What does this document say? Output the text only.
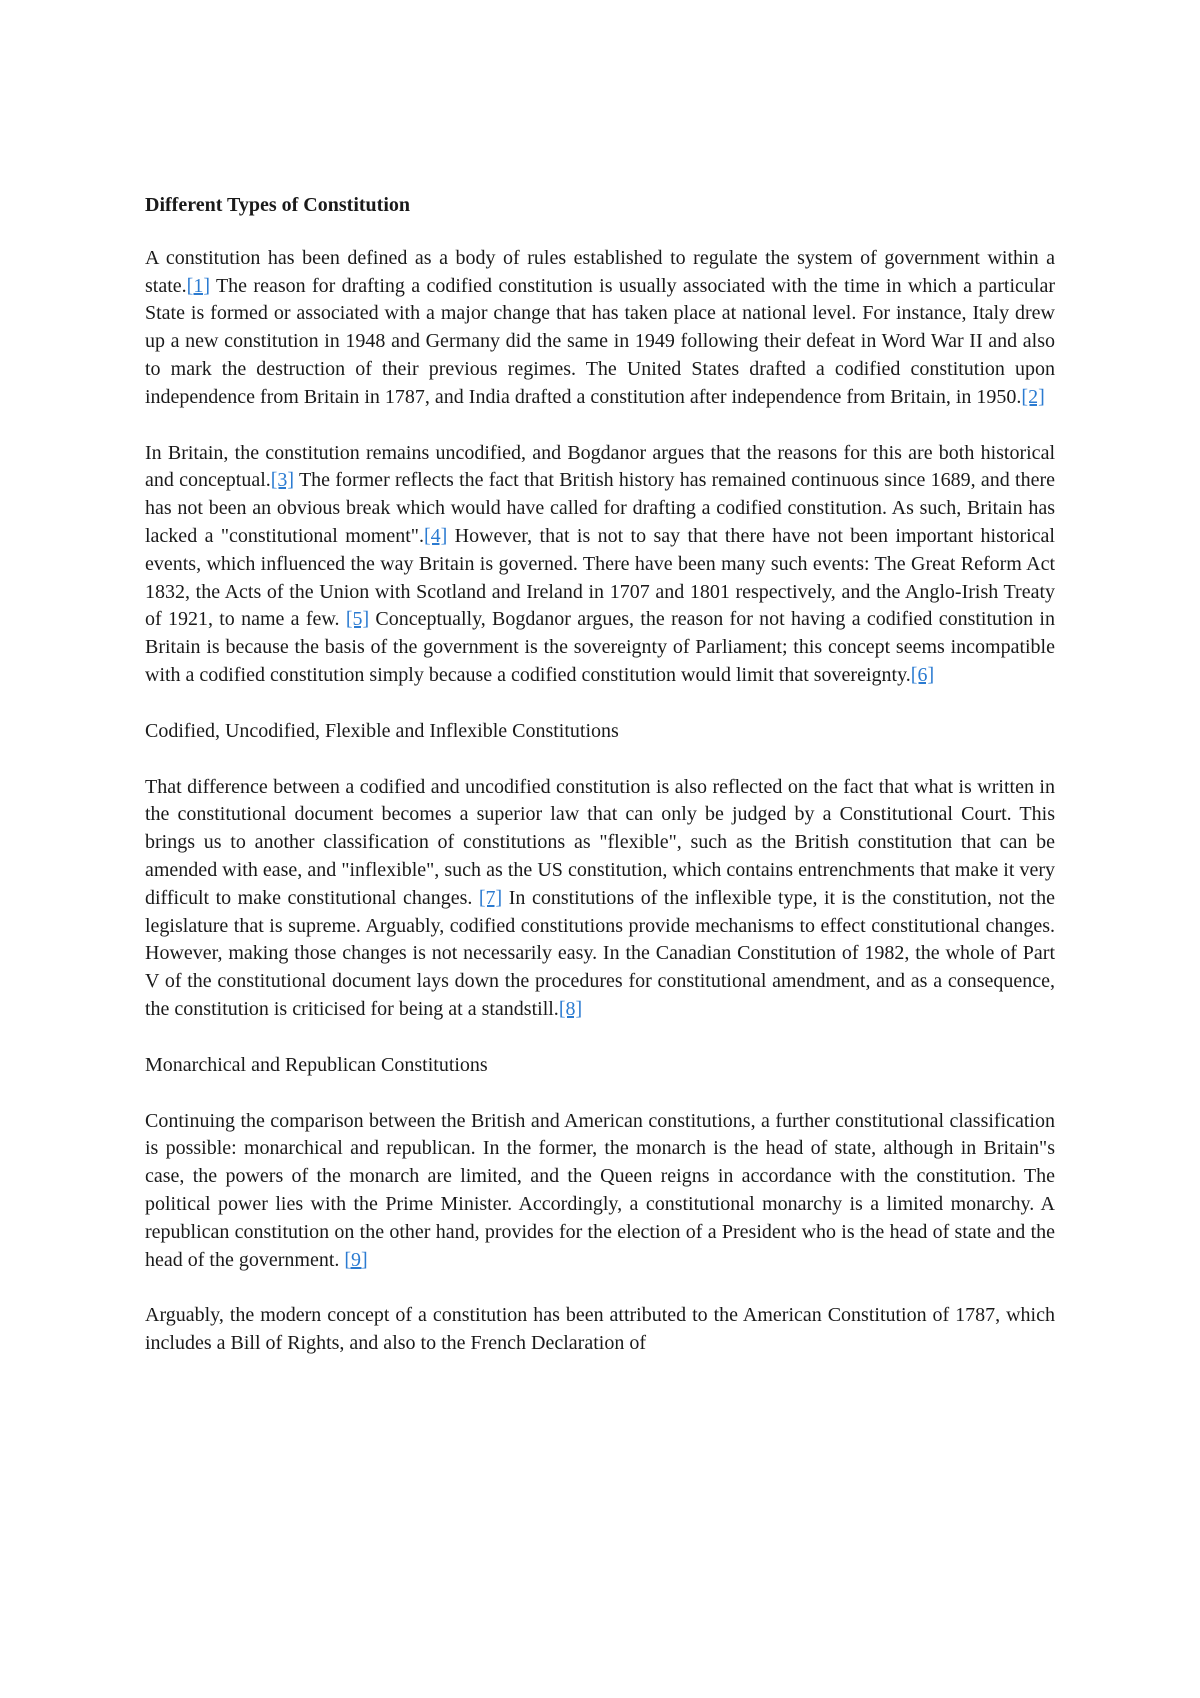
Different Types of Constitution

A constitution has been defined as a body of rules established to regulate the system of government within a state.[1] The reason for drafting a codified constitution is usually associated with the time in which a particular State is formed or associated with a major change that has taken place at national level. For instance, Italy drew up a new constitution in 1948 and Germany did the same in 1949 following their defeat in Word War II and also to mark the destruction of their previous regimes. The United States drafted a codified constitution upon independence from Britain in 1787, and India drafted a constitution after independence from Britain, in 1950.[2]

In Britain, the constitution remains uncodified, and Bogdanor argues that the reasons for this are both historical and conceptual.[3] The former reflects the fact that British history has remained continuous since 1689, and there has not been an obvious break which would have called for drafting a codified constitution. As such, Britain has lacked a "constitutional moment".[4] However, that is not to say that there have not been important historical events, which influenced the way Britain is governed. There have been many such events: The Great Reform Act 1832, the Acts of the Union with Scotland and Ireland in 1707 and 1801 respectively, and the Anglo-Irish Treaty of 1921, to name a few. [5] Conceptually, Bogdanor argues, the reason for not having a codified constitution in Britain is because the basis of the government is the sovereignty of Parliament; this concept seems incompatible with a codified constitution simply because a codified constitution would limit that sovereignty.[6]

Codified, Uncodified, Flexible and Inflexible Constitutions

That difference between a codified and uncodified constitution is also reflected on the fact that what is written in the constitutional document becomes a superior law that can only be judged by a Constitutional Court. This brings us to another classification of constitutions as "flexible", such as the British constitution that can be amended with ease, and "inflexible", such as the US constitution, which contains entrenchments that make it very difficult to make constitutional changes. [7] In constitutions of the inflexible type, it is the constitution, not the legislature that is supreme. Arguably, codified constitutions provide mechanisms to effect constitutional changes. However, making those changes is not necessarily easy. In the Canadian Constitution of 1982, the whole of Part V of the constitutional document lays down the procedures for constitutional amendment, and as a consequence, the constitution is criticised for being at a standstill.[8]

Monarchical and Republican Constitutions

Continuing the comparison between the British and American constitutions, a further constitutional classification is possible: monarchical and republican. In the former, the monarch is the head of state, although in Britain"s case, the powers of the monarch are limited, and the Queen reigns in accordance with the constitution. The political power lies with the Prime Minister. Accordingly, a constitutional monarchy is a limited monarchy. A republican constitution on the other hand, provides for the election of a President who is the head of state and the head of the government. [9]

Arguably, the modern concept of a constitution has been attributed to the American Constitution of 1787, which includes a Bill of Rights, and also to the French Declaration of
